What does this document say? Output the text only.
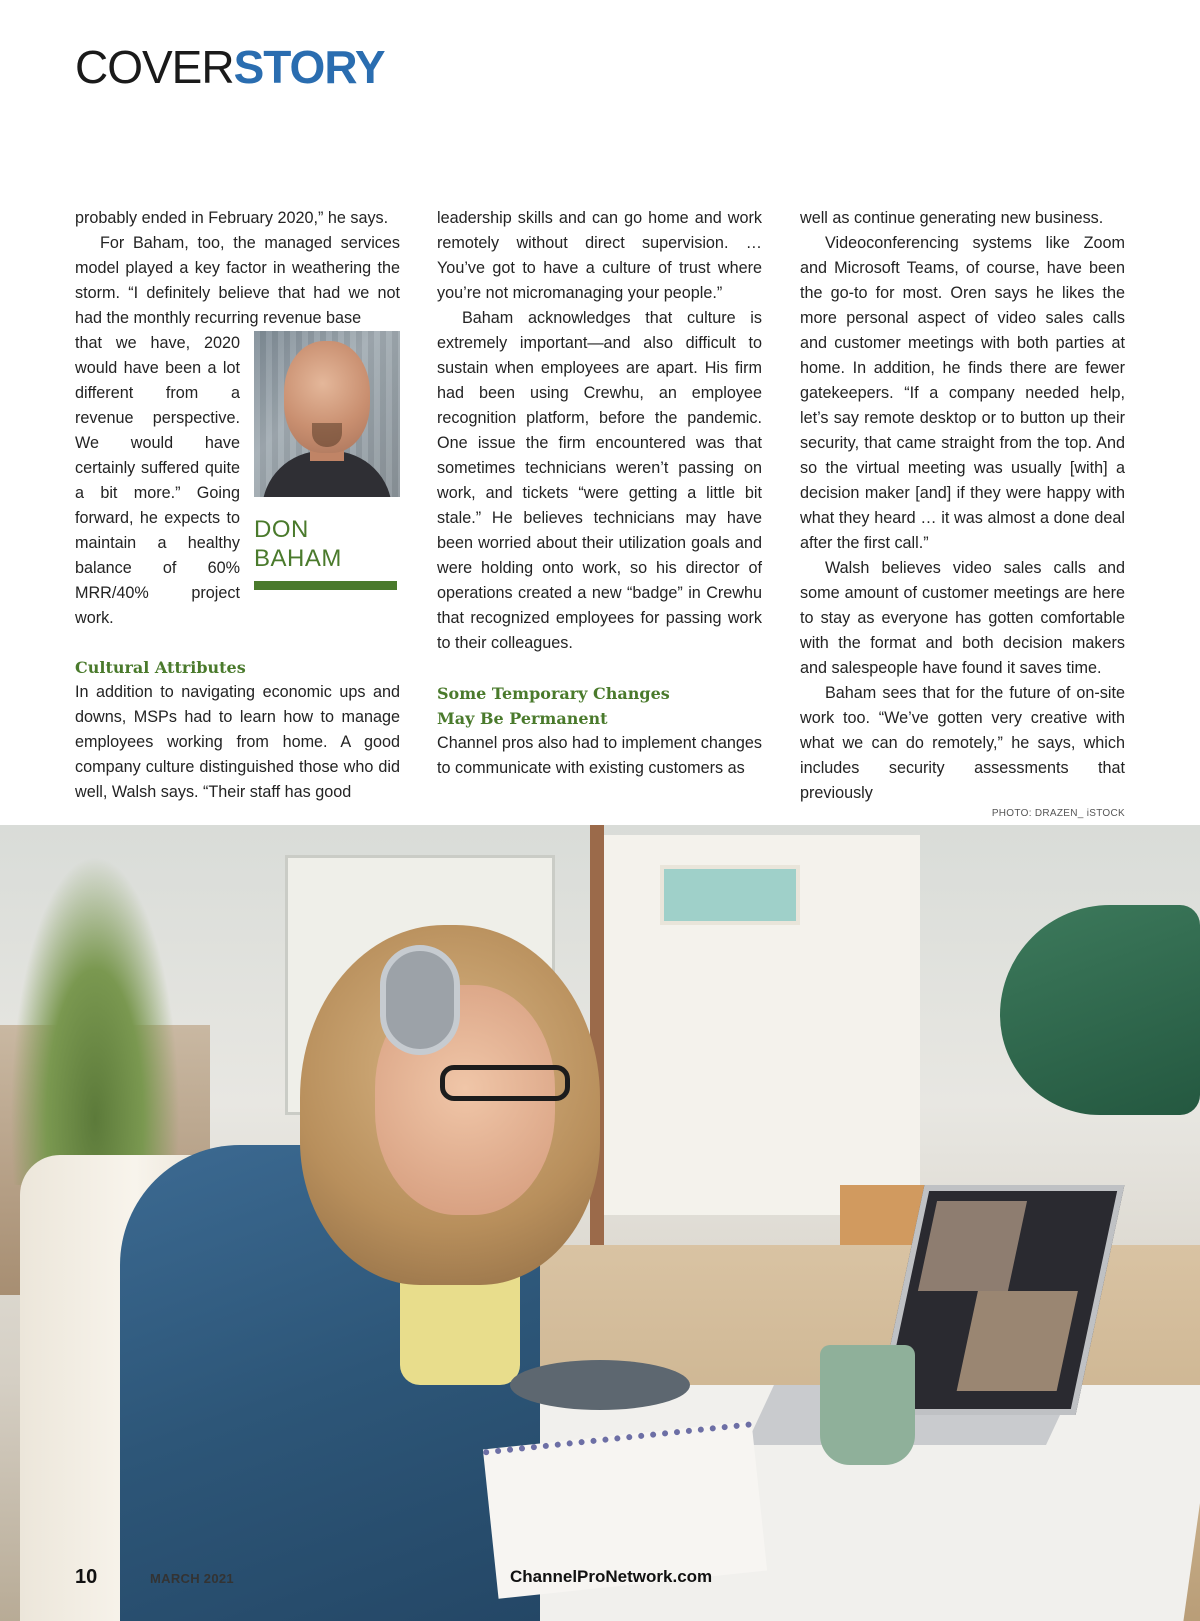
COVERSTORY

probably ended in February 2020,” he says.

For Baham, too, the managed services model played a key factor in weathering the storm. “I definitely believe that had we not had the monthly recurring revenue base

DON
BAHAM

that we have, 2020 would have been a lot different from a revenue perspective. We would have certainly suffered quite a bit more.” Going forward, he expects to maintain a healthy balance of 60% MRR/40% project work.

Cultural Attributes

In addition to navigating economic ups and downs, MSPs had to learn how to manage employees working from home. A good company culture distinguished those who did well, Walsh says. “Their staff has good

leadership skills and can go home and work remotely without direct supervision. … You’ve got to have a culture of trust where you’re not micromanaging your people.”

Baham acknowledges that culture is extremely important—and also difficult to sustain when employees are apart. His firm had been using Crewhu, an employee recognition platform, before the pandemic. One issue the firm encountered was that sometimes technicians weren’t passing on work, and tickets “were getting a little bit stale.” He believes technicians may have been worried about their utilization goals and were holding onto work, so his director of operations created a new “badge” in Crewhu that recognized employees for passing work to their colleagues.

Some Temporary Changes
May Be Permanent

Channel pros also had to implement changes to communicate with existing customers as

well as continue generating new business.

Videoconferencing systems like Zoom and Microsoft Teams, of course, have been the go-to for most. Oren says he likes the more personal aspect of video sales calls and customer meetings with both parties at home. In addition, he finds there are fewer gatekeepers. “If a company needed help, let’s say remote desktop or to button up their security, that came straight from the top. And so the virtual meeting was usually [with] a decision maker [and] if they were happy with what they heard … it was almost a done deal after the first call.”

Walsh believes video sales calls and some amount of customer meetings are here to stay as everyone has gotten comfortable with the format and both decision makers and salespeople have found it saves time.

Baham sees that for the future of on-site work too. “We’ve gotten very creative with what we can do remotely,” he says, which includes security assessments that previously

PHOTO: DRAZEN_ iSTOCK
10	MARCH 2021	ChannelProNetwork.com
